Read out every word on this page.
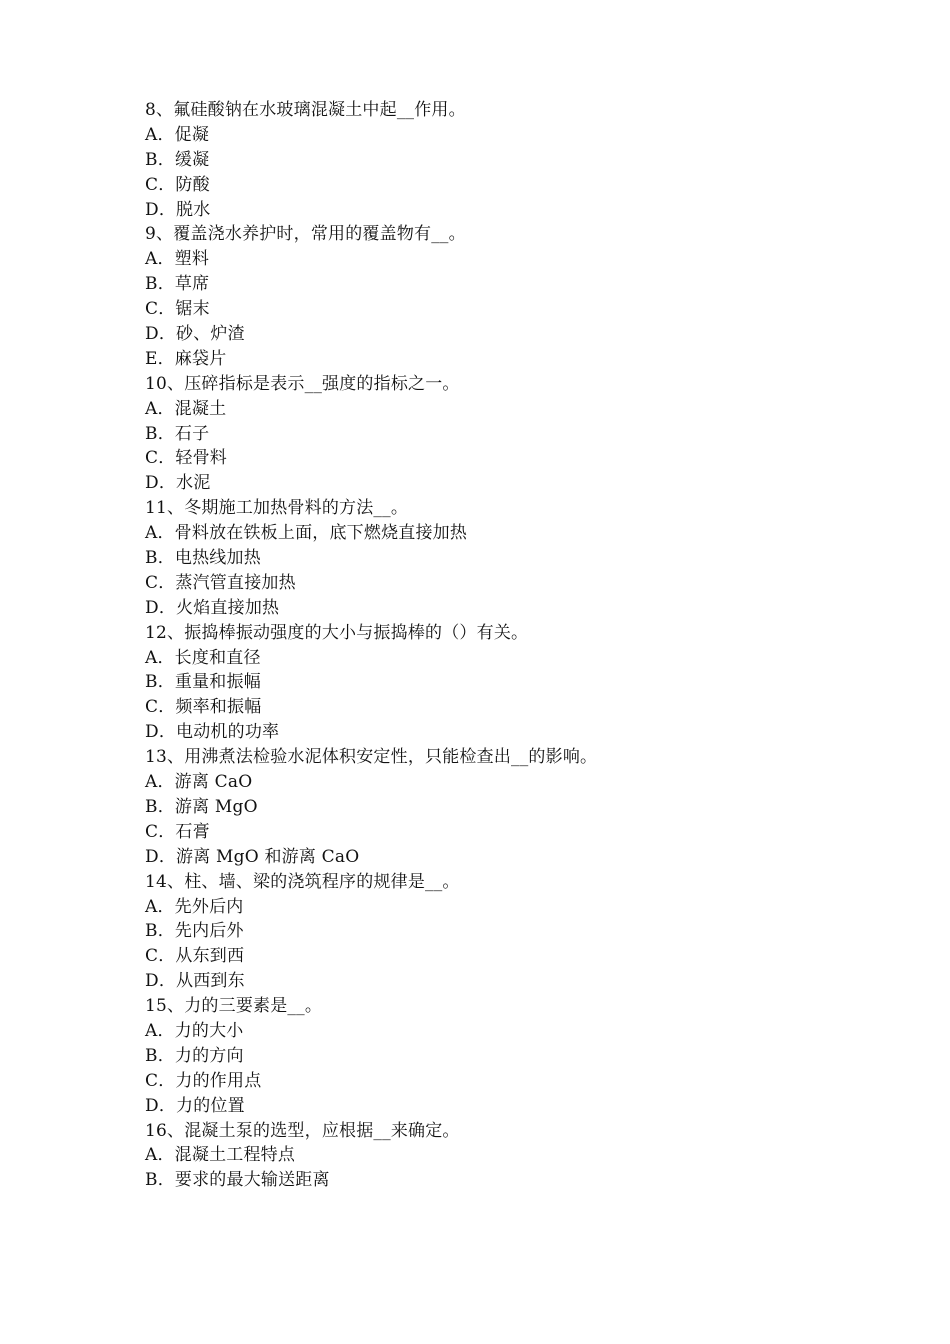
8、氟硅酸钠在水玻璃混凝土中起__作用。
A．促凝
B．缓凝
C．防酸
D．脱水
9、覆盖浇水养护时，常用的覆盖物有__。
A．塑料
B．草席
C．锯末
D．砂、炉渣
E．麻袋片
10、压碎指标是表示__强度的指标之一。
A．混凝土
B．石子
C．轻骨料
D．水泥
11、冬期施工加热骨料的方法__。
A．骨料放在铁板上面，底下燃烧直接加热
B．电热线加热
C．蒸汽管直接加热
D．火焰直接加热
12、振捣棒振动强度的大小与振捣棒的（）有关。
A．长度和直径
B．重量和振幅
C．频率和振幅
D．电动机的功率
13、用沸煮法检验水泥体积安定性，只能检查出__的影响。
A．游离 CaO
B．游离 MgO
C．石膏
D．游离 MgO 和游离 CaO
14、柱、墙、梁的浇筑程序的规律是__。
A．先外后内
B．先内后外
C．从东到西
D．从西到东
15、力的三要素是__。
A．力的大小
B．力的方向
C．力的作用点
D．力的位置
16、混凝土泵的选型，应根据__来确定。
A．混凝土工程特点
B．要求的最大输送距离
